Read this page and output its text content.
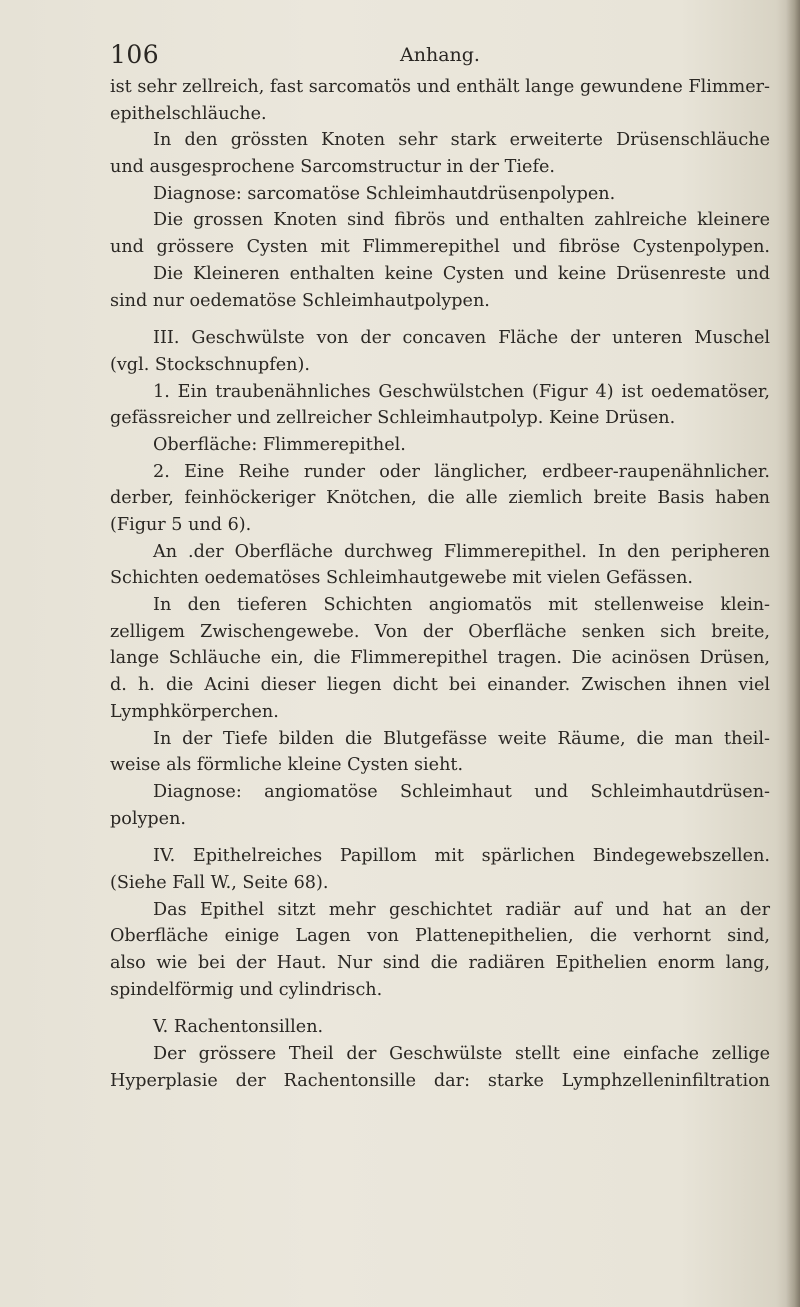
106	Anhang.
ist sehr zellreich, fast sarcomatös und enthält lange gewundene Flimmer-
epithelschläuche.
In den grössten Knoten sehr stark erweiterte Drüsenschläuche
und ausgesprochene Sarcomstructur in der Tiefe.
Diagnose: sarcomatöse Schleimhautdrüsenpolypen.
Die grossen Knoten sind fibrös und enthalten zahlreiche kleinere
und grössere Cysten mit Flimmerepithel und fibröse Cystenpolypen.
Die Kleineren enthalten keine Cysten und keine Drüsenreste und
sind nur oedematöse Schleimhautpolypen.
III. Geschwülste von der concaven Fläche der unteren Muschel
(vgl. Stockschnupfen).
1. Ein traubenähnliches Geschwülstchen (Figur 4) ist oedematöser,
gefässreicher und zellreicher Schleimhautpolyp. Keine Drüsen.
Oberfläche: Flimmerepithel.
2. Eine Reihe runder oder länglicher, erdbeer-raupenähnlicher.
derber, feinhöckeriger Knötchen, die alle ziemlich breite Basis haben
(Figur 5 und 6).
An .der Oberfläche durchweg Flimmerepithel. In den peripheren
Schichten oedematöses Schleimhautgewebe mit vielen Gefässen.
In den tieferen Schichten angiomatös mit stellenweise klein-
zelligem Zwischengewebe. Von der Oberfläche senken sich breite,
lange Schläuche ein, die Flimmerepithel tragen. Die acinösen Drüsen,
d. h. die Acini dieser liegen dicht bei einander. Zwischen ihnen viel
Lymphkörperchen.
In der Tiefe bilden die Blutgefässe weite Räume, die man theil-
weise als förmliche kleine Cysten sieht.
Diagnose: angiomatöse Schleimhaut und Schleimhautdrüsen-
polypen.
IV. Epithelreiches Papillom mit spärlichen Bindegewebszellen.
(Siehe Fall W., Seite 68).
Das Epithel sitzt mehr geschichtet radiär auf und hat an der
Oberfläche einige Lagen von Plattenepithelien, die verhornt sind,
also wie bei der Haut. Nur sind die radiären Epithelien enorm lang,
spindelförmig und cylindrisch.
V. Rachentonsillen.
Der grössere Theil der Geschwülste stellt eine einfache zellige
Hyperplasie der Rachentonsille dar: starke Lymphzelleninfiltration
